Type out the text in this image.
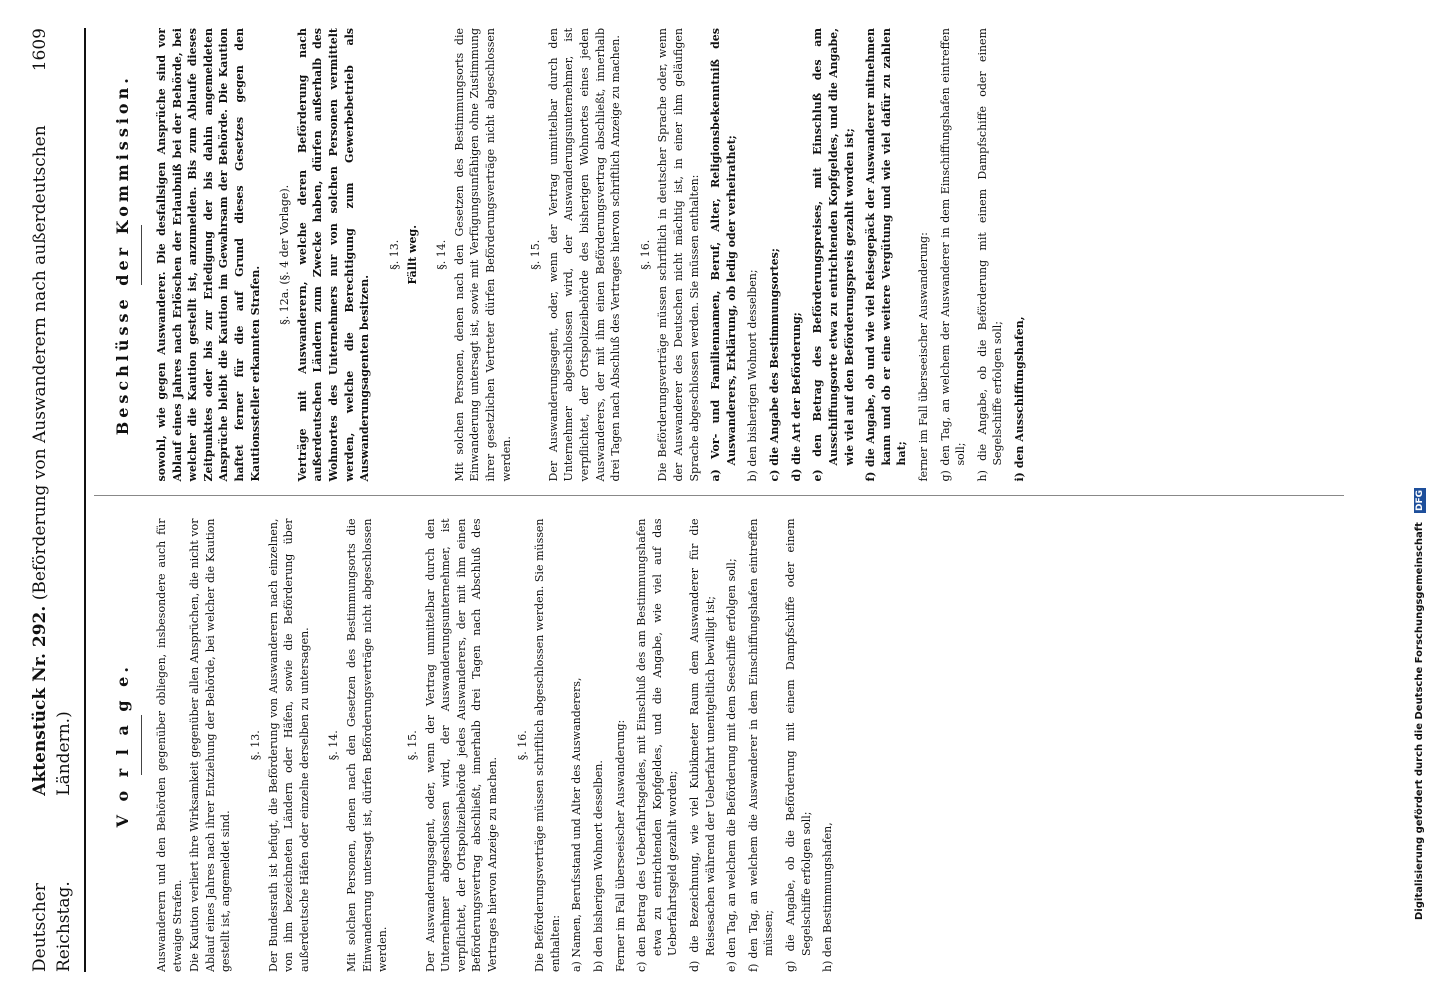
Deutscher Reichstag.
Aktenstück Nr. 292. (Beförderung von Auswanderern nach außerdeutschen Ländern.)
1609
V o r l a g e. Auswanderern und den Behörden gegenüber obliegen, insbesondere auch für etwaige Strafen. Die Kaution verliert ihre Wirksamkeit gegenüber allen Ansprüchen, die nicht vor Ablauf eines Jahres nach ihrer Entziehung der Behörde, bei welcher die Kaution gestellt ist, angemeldet sind.

§. 13. Der Bundesrath ist befugt, die Beförderung von Auswanderern nach einzelnen, von ihm bezeichneten Ländern oder Häfen, sowie die Beförderung über außerdeutsche Häfen oder einzelne derselben zu untersagen. §. 14. Mit solchen Personen, denen nach den Gesetzen des Bestimmungsorts die Einwanderung untersagt ist, dürfen Beförderungsverträge nicht abgeschlossen werden.

§. 15. Der Auswanderungsagent, oder, wenn der Vertrag unmittelbar durch den Unternehmer abgeschlossen wird, der Auswanderungsunternehmer, ist verpflichtet, der Ortspolizeibehörde jedes Auswanderers, der mit ihm einen Beförderungsvertrag abschließt, innerhalb drei Tagen nach Abschluß des Vertrages hiervon Anzeige zu machen.

§. 16. Die Beförderungsverträge müssen schriftlich abgeschlossen werden. Sie müssen enthalten: a) Namen, Berufsstand und Alter des Auswanderers, b) den bisherigen Wohnort desselben. Ferner im Fall überseeischer Auswanderung: c) den Betrag des Ueberfahrtsgeldes, mit Einschluß des am Bestimmungshafen etwa zu entrichtenden Kopfgeldes, und die Angabe, wie viel auf das Ueberfahrtsgeld gezahlt worden; d) die Bezeichnung, wie viel Kubikmeter Raum dem Auswanderer für die Reisesachen während der Ueberfahrt unentgeltlich bewilligt ist; e) den Tag, an welchem die Beförderung mit dem Seeschiffe erfolgen soll; f) den Tag, an welchem die Auswanderer in dem Einschiffungshafen eintreffen müssen; g) die Angabe, ob die Beförderung mit einem Dampfschiffe oder einem Segelschiffe erfolgen soll; h) den Bestimmungshafen,
Beschlüsse der Kommission. sowohl, wie gegen Auswanderer. Die desfallsigen Ansprüche sind vor Ablauf eines Jahres nach Erlöschen der Erlaubniß bei der Behörde, bei welcher die Kaution gestellt ist, anzumelden. Bis zum Ablaufe dieses Zeitpunktes oder bis zur Erledigung der bis dahin angemeldeten Ansprüche bleibt die Kaution im Gewahrsam der Behörde. Die Kaution haftet ferner für die auf Grund dieses Gesetzes gegen den Kautionssteller erkannten Strafen.

§. 12a. (§. 4 der Vorlage). Verträge mit Auswanderern, welche deren Beförderung nach außerdeutschen Ländern zum Zwecke haben, dürfen außerhalb des Wohnortes des Unternehmers nur von solchen Personen vermittelt werden, welche die Berechtigung zum Gewerbebetrieb als Auswanderungsagenten besitzen.

§. 13. Fällt weg. §. 14. Mit solchen Personen, denen nach den Gesetzen des Bestimmungsorts die Einwanderung untersagt ist, sowie mit Verfügungsunfähigen ohne Zustimmung ihrer gesetzlichen Vertreter dürfen Beförderungsverträge nicht abgeschlossen werden.

§. 15. Der Auswanderungsagent, oder, wenn der Vertrag unmittelbar durch den Unternehmer abgeschlossen wird, der Auswanderungsunternehmer, ist verpflichtet, der Ortspolizeibehörde des bisherigen Wohnortes eines jeden Auswanderers, der mit ihm einen Beförderungsvertrag abschließt, innerhalb drei Tagen nach Abschluß des Vertrages hiervon schriftlich Anzeige zu machen. §. 16. Die Beförderungsverträge müssen schriftlich in deutscher Sprache oder, wenn der Auswanderer des Deutschen nicht mächtig ist, in einer ihm geläufigen Sprache abgeschlossen werden. Sie müssen enthalten: a) Vor- und Familiennamen, Beruf, Alter, Religionsbekenntniß des Auswanderers, Erklärung, ob ledig oder verheirathet; b) den bisherigen Wohnort desselben; c) die Angabe des Bestimmungsortes; d) die Art der Beförderung; e) den Betrag des Beförderungspreises, mit Einschluß des am Ausschiffungsorte etwa zu entrichtenden Kopfgeldes, und die Angabe, wie viel auf den Beförderungspreis gezahlt worden ist; f) die Angabe, ob und wie viel Reisegepäck der Auswanderer mitnehmen kann und ob er eine weitere Vergütung und wie viel dafür zu zahlen hat; ferner im Fall überseeischer Auswanderung: g) den Tag, an welchem der Auswanderer in dem Einschiffungshafen eintreffen soll; h) die Angabe, ob die Beförderung mit einem Dampfschiffe oder einem Segelschiffe erfolgen soll; i) den Ausschiffungshafen,
Digitalisierung gefördert durch die Deutsche Forschungsgemeinschaft DFG
